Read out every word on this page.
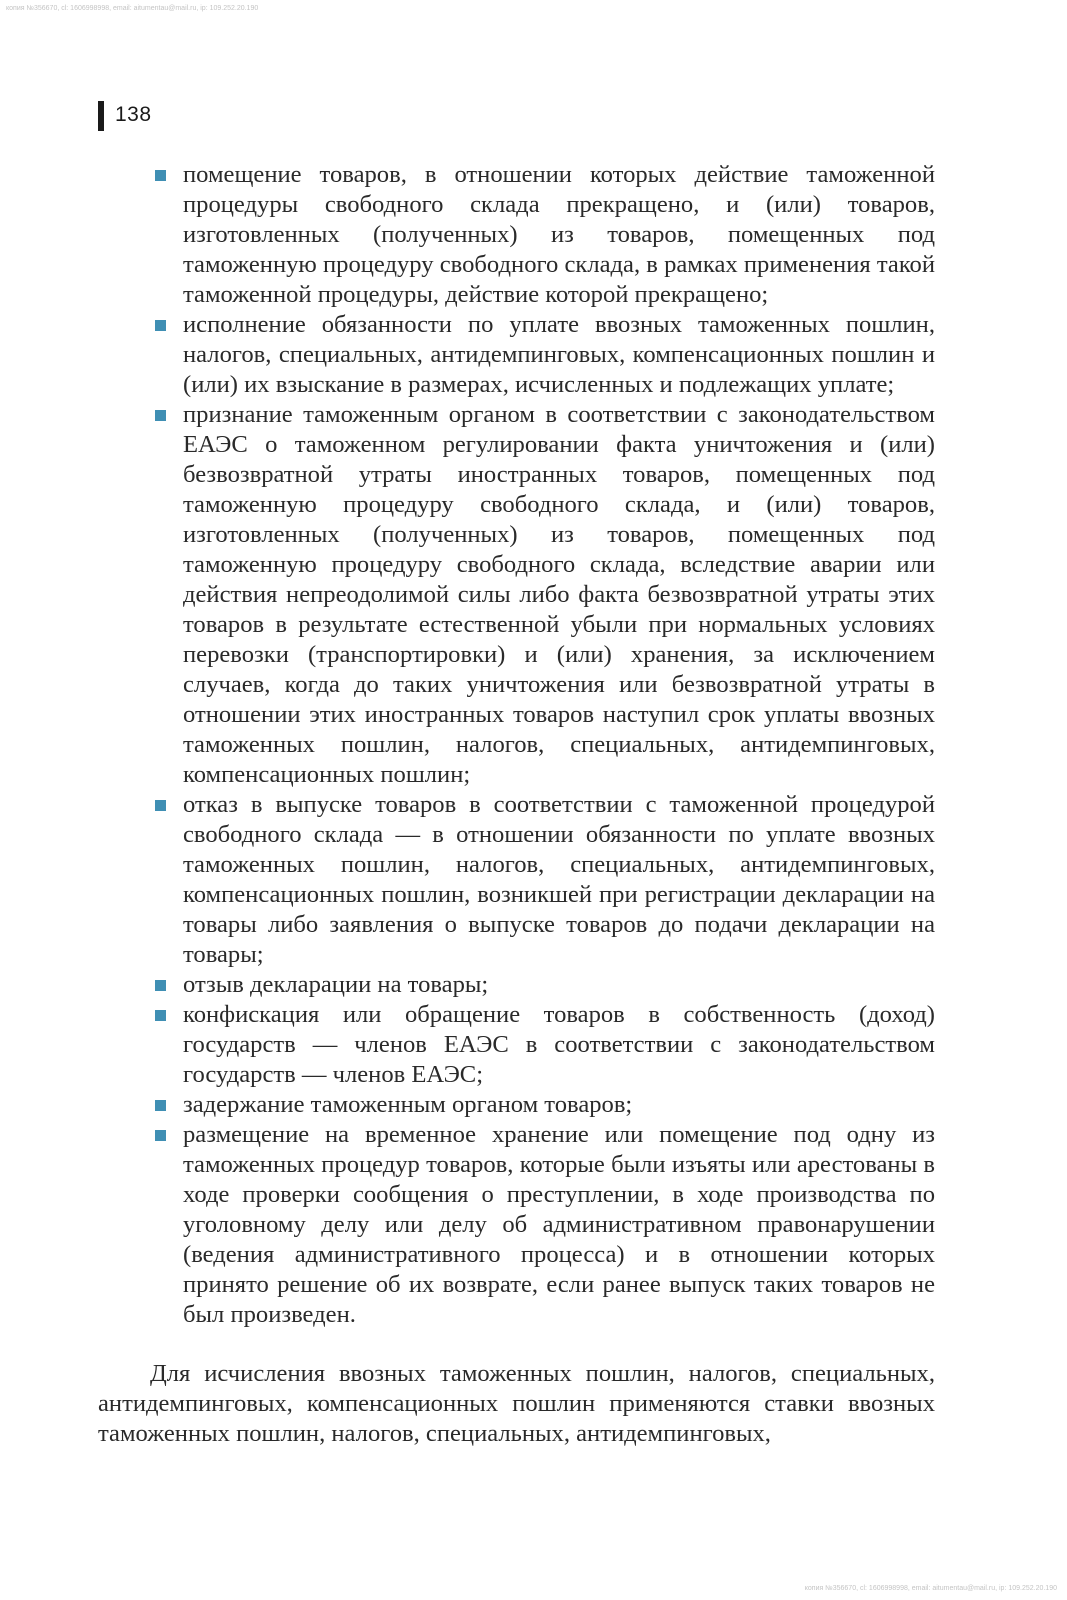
копия №356670, cl: 1606998998, email: aitumentau@mail.ru, ip: 109.252.20.190
138
помещение товаров, в отношении которых действие таможенной процедуры свободного склада прекращено, и (или) товаров, изготовленных (полученных) из товаров, помещенных под таможенную процедуру свободного склада, в рамках применения такой таможенной процедуры, действие которой прекращено;
исполнение обязанности по уплате ввозных таможенных пошлин, налогов, специальных, антидемпинговых, компенсационных пошлин и (или) их взыскание в размерах, исчисленных и подлежащих уплате;
признание таможенным органом в соответствии с законодательством ЕАЭС о таможенном регулировании факта уничтожения и (или) безвозвратной утраты иностранных товаров, помещенных под таможенную процедуру свободного склада, и (или) товаров, изготовленных (полученных) из товаров, помещенных под таможенную процедуру свободного склада, вследствие аварии или действия непреодолимой силы либо факта безвозвратной утраты этих товаров в результате естественной убыли при нормальных условиях перевозки (транспортировки) и (или) хранения, за исключением случаев, когда до таких уничтожения или безвозвратной утраты в отношении этих иностранных товаров наступил срок уплаты ввозных таможенных пошлин, налогов, специальных, антидемпинговых, компенсационных пошлин;
отказ в выпуске товаров в соответствии с таможенной процедурой свободного склада — в отношении обязанности по уплате ввозных таможенных пошлин, налогов, специальных, антидемпинговых, компенсационных пошлин, возникшей при регистрации декларации на товары либо заявления о выпуске товаров до подачи декларации на товары;
отзыв декларации на товары;
конфискация или обращение товаров в собственность (доход) государств — членов ЕАЭС в соответствии с законодательством государств — членов ЕАЭС;
задержание таможенным органом товаров;
размещение на временное хранение или помещение под одну из таможенных процедур товаров, которые были изъяты или арестованы в ходе проверки сообщения о преступлении, в ходе производства по уголовному делу или делу об административном правонарушении (ведения административного процесса) и в отношении которых принято решение об их возврате, если ранее выпуск таких товаров не был произведен.

Для исчисления ввозных таможенных пошлин, налогов, специальных, антидемпинговых, компенсационных пошлин применяются ставки ввозных таможенных пошлин, налогов, специальных, антидемпинговых,

копия №356670, cl: 1606998998, email: aitumentau@mail.ru, ip: 109.252.20.190
